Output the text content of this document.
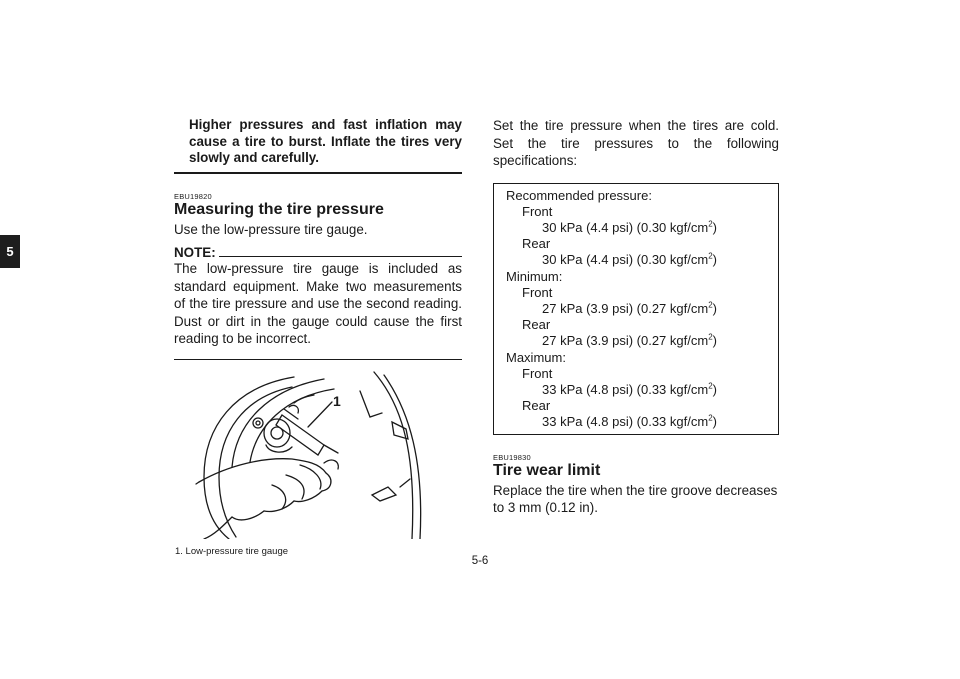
5

Higher pressures and fast inflation may cause a tire to burst. Inflate the tires very slowly and carefully.

EBU19820

Measuring the tire pressure

Use the low-pressure tire gauge.

NOTE:

The low-pressure tire gauge is included as standard equipment. Make two measurements of the tire pressure and use the second reading. Dust or dirt in the gauge could cause the first reading to be incorrect.

1
1. Low-pressure tire gauge

Set the tire pressure when the tires are cold. Set the tire pressures to the following specifications:

Recommended pressure:
Front
30 kPa (4.4 psi) (0.30 kgf/$cm^2$)
Rear
30 kPa (4.4 psi) (0.30 kgf/$cm^2$)
Minimum:
Front
27 kPa (3.9 psi) (0.27 kgf/$cm^2$)
Rear
27 kPa (3.9 psi) (0.27 kgf/$cm^2$)
Maximum:
Front
33 kPa (4.8 psi) (0.33 kgf/$cm^2$)
Rear
33 kPa (4.8 psi) (0.33 kgf/$cm^2$)

EBU19830

Tire wear limit

Replace the tire when the tire groove decreases to 3 mm (0.12 in).

5-6
